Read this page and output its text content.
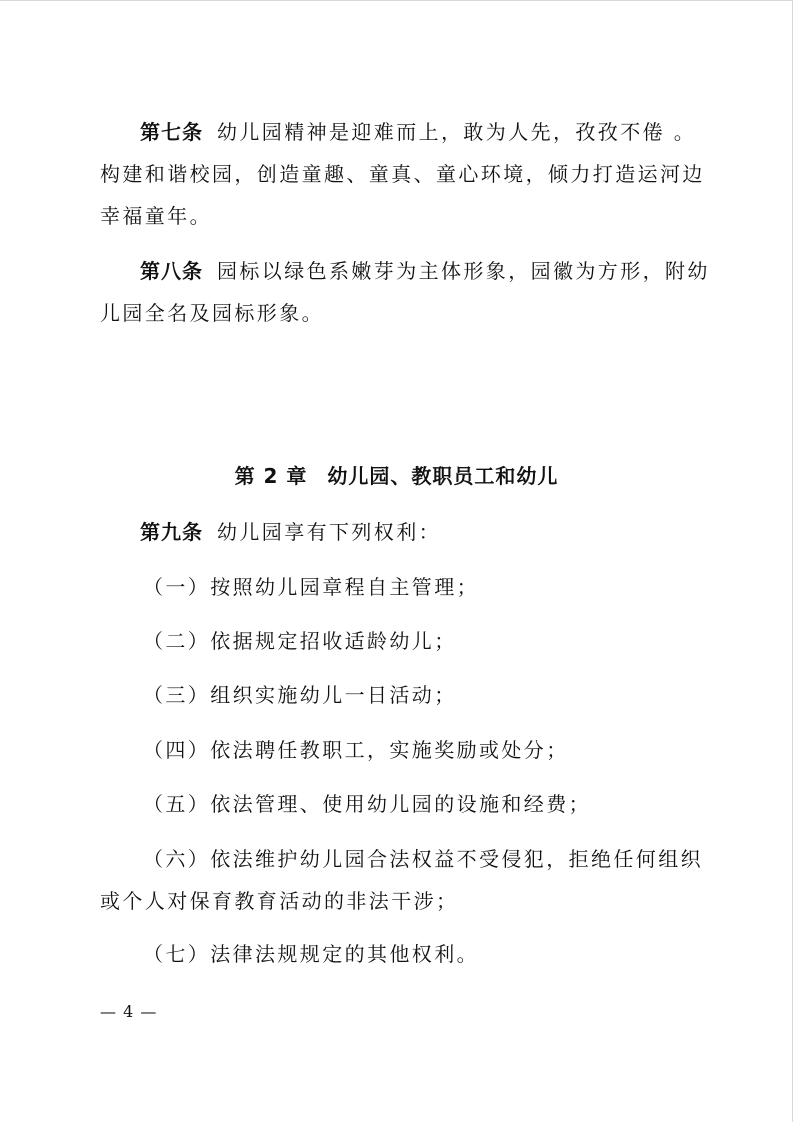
第七条 幼儿园精神是迎难而上，敢为人先，孜孜不倦 。

构建和谐校园，创造童趣、童真、童心环境，倾力打造运河边

幸福童年。

第八条 园标以绿色系嫩芽为主体形象，园徽为方形，附幼

儿园全名及园标形象。

第 2 章 幼儿园、教职员工和幼儿

第九条 幼儿园享有下列权利：

（一）按照幼儿园章程自主管理；

（二）依据规定招收适龄幼儿；

（三）组织实施幼儿一日活动；

（四）依法聘任教职工，实施奖励或处分；

（五）依法管理、使用幼儿园的设施和经费；

（六）依法维护幼儿园合法权益不受侵犯，拒绝任何组织

或个人对保育教育活动的非法干涉；

（七）法律法规规定的其他权利。

— 4 —
